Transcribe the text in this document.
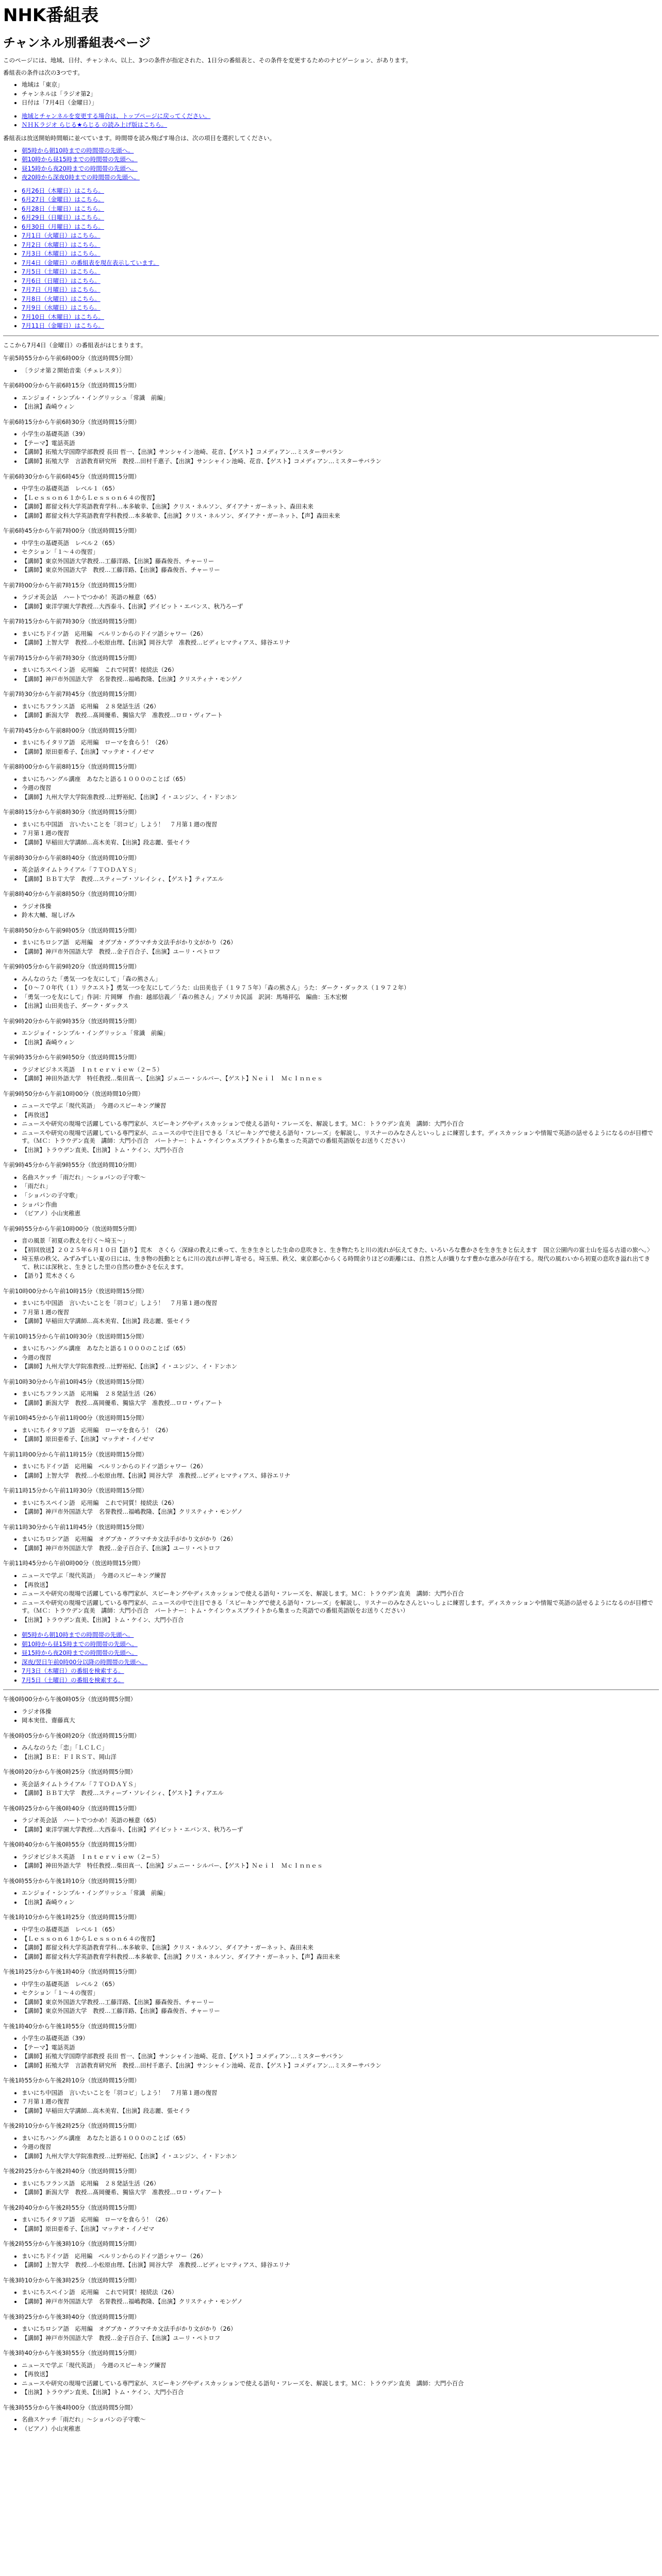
NHK番組表
チャンネル別番組表ページ

このページには、地域、日付、チャンネル、以上、3つの条件が指定された、1日分の番組表と、その条件を変更するためのナビゲーション、があります。

番組表の条件は次の3つです。

• 地域は「東京」
• チャンネルは「ラジオ第2」
• 日付は「7月4日（金曜日）」
• 地域とチャンネルを変更する場合は、トップページに戻ってください。
• ＮＨＫラジオ らじる★らじる の読み上げ版はこちら。

番組表は放送開始時間順に並べています。時間帯を読み飛ばす場合は、次の項目を選択してください。

• 朝5時から朝10時までの時間帯の先頭へ。
• 朝10時から昼15時までの時間帯の先頭へ。
• 昼15時から夜20時までの時間帯の先頭へ。
• 夜20時から深夜0時までの時間帯の先頭へ。
• 6月26日（木曜日）はこちら。
• 6月27日（金曜日）はこちら。
• 6月28日（土曜日）はこちら。
• 6月29日（日曜日）はこちら。
• 6月30日（月曜日）はこちら。
• 7月1日（火曜日）はこちら。
• 7月2日（水曜日）はこちら。
• 7月3日（木曜日）はこちら。
• 7月4日（金曜日）の番組表を現在表示しています。
• 7月5日（土曜日）はこちら。
• 7月6日（日曜日）はこちら。
• 7月7日（月曜日）はこちら。
• 7月8日（火曜日）はこちら。
• 7月9日（水曜日）はこちら。
• 7月10日（木曜日）はこちら。
• 7月11日（金曜日）はこちら。

ここから7月4日（金曜日）の番組表がはじまります。

午前5時55分から午前6時00分（放送時間5分間）

• 〔ラジオ第２開始音楽（チェレスタ）〕

午前6時00分から午前6時15分（放送時間15分間）

• エンジョイ・シンプル・イングリッシュ「常識　前編」
• 【出演】森崎ウィン

午前6時15分から午前6時30分（放送時間15分間）

• 小学生の基礎英語（39）
• 【テーマ】電話英語
• 【講師】拓殖大学国際学部教授 長田 哲一、【出演】サンシャイン池崎、花音、【ゲスト】コメディアン…ミスターサバラン
• 【講師】拓殖大学　言語教育研究所　教授…田村千惠子、【出演】サンシャイン池崎、花音、【ゲスト】コメディアン…ミスターサバラン

午前6時30分から午前6時45分（放送時間15分間）

• 中学生の基礎英語　レベル１（65）
• 【Ｌｅｓｓｏｎ６１からＬｅｓｓｏｎ６４の復習】
• 【講師】都留文科大学英語教育学科…本多敏幸、【出演】クリス・ネルソン、ダイアナ・ガーネット、森田未来
• 【講師】都留文科大学英語教育学科教授…本多敏幸、【出演】クリス・ネルソン、ダイアナ・ガーネット、【声】森田未来

午前6時45分から午前7時00分（放送時間15分間）

• 中学生の基礎英語　レベル２（65）
• セクション「１〜４の復習」
• 【講師】東京外国語大学教授…工藤洋路、【出演】藤森俊吾、チャーリー
• 【講師】東京外国語大学　教授…工藤洋路、【出演】藤森俊吾、チャーリー

午前7時00分から午前7時15分（放送時間15分間）

• ラジオ英会話　ハートでつかめ！英語の極意（65）
• 【講師】東洋学園大学教授…大西泰斗、【出演】デイビット・エバンス、秋乃ろーず

午前7時15分から午前7時30分（放送時間15分間）

• まいにちドイツ語　応用編　ベルリンからのドイツ語シャワー（26）
• 【講師】上智大学　教授…小松原由理、【出演】岡谷大学　准教授…ビディヒマティアス、緋谷エリナ

午前7時15分から午前7時30分（放送時間15分間）

• まいにちスペイン語　応用編　これで同質！接続法（26）
• 【講師】神戸市外国語大学　名誉教授…福嶋教隆、【出演】クリスティナ・モンゲノ

午前7時30分から午前7時45分（放送時間15分間）

• まいにちフランス語　応用編　２８発話生活（26）
• 【講師】新潟大学　教授…髙岡優希、獨協大学　准教授…ロロ・ヴィアート

午前7時45分から午前8時00分（放送時間15分間）

• まいにちイタリア語　応用編　ローマを食らう！（26）
• 【講師】原田亜希子、【出演】マッテオ・イノゼマ

午前8時00分から午前8時15分（放送時間15分間）

• まいにちハングル講座　あなたと語る１０００のことば（65）
• 今週の復習
• 【講師】九州大学大学院准教授…辻野裕紀、【出演】イ・ユンジン、イ・ドンホン

午前8時15分から午前8時30分（放送時間15分間）

• まいにち中国語　言いたいことを「羽コピ」しよう！　７月第１週の復習
• ７月第１週の復習
• 【講師】早稲田大学講師…高木美宥、【出演】段志麗、張セイラ

午前8時30分から午前8時40分（放送時間10分間）

• 英会話タイムトライアル「７ＴＯＤＡＹＳ」
• 【講師】ＢＢＴ大学　教授…スティーブ・ソレイシィ、【ゲスト】ティアエル

午前8時40分から午前8時50分（放送時間10分間）

• ラジオ体操
• 鈴木大輔、堀しげみ

午前8時50分から午前9時05分（放送時間15分間）

• まいにちロシア語　応用編　オグブカ・グラマチカ文法手がかり文がかり（26）
• 【講師】神戸市外国語大学　教授…金子百合子、【出演】ユーリ・ペトロフ

午前9時05分から午前9時20分（放送時間15分間）

• みんなのうた「勇気一つを友にして」「森の熊さん」
• 【０〜７０年代（１）リクエスト】勇気一つを友にして／うた：山田美也子（１９７５年）「森の熊さん」うた：ダーク・ダックス（１９７２年）
• 「勇気一つを友にして」作詞：片岡輝　作曲：越部信義／「森の熊さん」アメリカ民謡　訳詞：馬場祥弘　編曲：玉木宏樹
• 【出演】山田美也子、ダーク・ダックス

午前9時20分から午前9時35分（放送時間15分間）

• エンジョイ・シンプル・イングリッシュ「常識　前編」
• 【出演】森崎ウィン

午前9時35分から午前9時50分（放送時間15分間）

• ラジオビジネス英語　Ｉｎｔｅｒｖｉｅｗ（２−５）
• 【講師】神田外語大学　特任教授…柴田真一、【出演】ジェニー・シルバー、【ゲスト】Ｎｅｉｌ　ＭｃＩｎｎｅｓ

午前9時50分から午前10時00分（放送時間10分間）

• ニュースで学ぶ「現代英語」　今週のスピーキング練習
• 【再放送】
• ニュースや研究の現場で活躍している専門家が、スピーキングやディスカッションで使える語句・フレーズを、解説します。ＭＣ：トラウデン直美　講師：大門小百合
• ニュースや研究の現場で活躍している専門家が、ニュースの中で注目できる「スピーキングで使える語句・フレーズ」を解説し、リスナーのみなさんといっしょに練習します。ディスカッションや情報で英語の話せるようになるのが目標です。（ＭＣ：トラウデン直美　講師：大門小百合　パートナー：トム・ケインウェスブライトから集まった英語での番組英語版をお送りください）
• 【出演】トラウデン直美、【出演】トム・ケイン、大門小百合

午前9時45分から午前9時55分（放送時間10分間）

• 名曲スケッチ「雨だれ」〜ショパンの子守歌〜
• 「雨だれ」
• 「ショパンの子守歌」
• ショパン作曲
• （ピアノ）小山実稚恵

午前9時55分から午前10時00分（放送時間5分間）

• 音の風景「初夏の教えを行く〜埼玉〜」
• 【初回放送】２０２５年６月１０日【語り】荒木　さくら〈深緑の教えに乗って、生き生きとした生命の息吹きと、生き物たちと川の流れが伝えてきた、いろいろな豊かさを生き生きと伝えます　国立公園内の富士山を巡る古道の旅へ。〉
• 埼玉県の秩父、みずみずしい夏の日には、生き物の鼓動とともに川の流れが押し寄せる。埼玉県、秩父、東京都心からくる時間余りほどの距離には、自然と人が織りなす豊かな恵みが存在する。現代の風わいから初夏の息吹き溢れ出てきて、秋には深秋と、生きとした里の自然の豊かさを伝えます。
• 【語り】荒木さくら

午前10時00分から午前10時15分（放送時間15分間）

• まいにち中国語　言いたいことを「羽コピ」しよう！　７月第１週の復習
• ７月第１週の復習
• 【講師】早稲田大学講師…高木美宥、【出演】段志麗、張セイラ

午前10時15分から午前10時30分（放送時間15分間）

• まいにちハングル講座　あなたと語る１０００のことば（65）
• 今週の復習
• 【講師】九州大学大学院准教授…辻野裕紀、【出演】イ・ユンジン、イ・ドンホン

午前10時30分から午前10時45分（放送時間15分間）

• まいにちフランス語　応用編　２８発話生活（26）
• 【講師】新潟大学　教授…髙岡優希、獨協大学　准教授…ロロ・ヴィアート

午前10時45分から午前11時00分（放送時間15分間）

• まいにちイタリア語　応用編　ローマを食らう！（26）
• 【講師】原田亜希子、【出演】マッテオ・イノゼマ

午前11時00分から午前11時15分（放送時間15分間）

• まいにちドイツ語　応用編　ベルリンからのドイツ語シャワー（26）
• 【講師】上智大学　教授…小松原由理、【出演】岡谷大学　准教授…ビディヒマティアス、緋谷エリナ

午前11時15分から午前11時30分（放送時間15分間）

• まいにちスペイン語　応用編　これで同質！接続法（26）
• 【講師】神戸市外国語大学　名誉教授…福嶋教隆、【出演】クリスティナ・モンゲノ

午前11時30分から午前11時45分（放送時間15分間）

• まいにちロシア語　応用編　オグブカ・グラマチカ文法手がかり文がかり（26）
• 【講師】神戸市外国語大学　教授…金子百合子、【出演】ユーリ・ペトロフ

午前11時45分から午前0時00分（放送時間15分間）

• ニュースで学ぶ「現代英語」　今週のスピーキング練習
• 【再放送】
• ニュースや研究の現場で活躍している専門家が、スピーキングやディスカッションで使える語句・フレーズを、解説します。ＭＣ：トラウデン直美　講師：大門小百合
• ニュースや研究の現場で活躍している専門家が、ニュースの中で注目できる「スピーキングで使える語句・フレーズ」を解説し、リスナーのみなさんといっしょに練習します。ディスカッションや情報で英語の話せるようになるのが目標です。（ＭＣ：トラウデン直美　講師：大門小百合　パートナー：トム・ケインウェスブライトから集まった英語での番組英語版をお送りください）
• 【出演】トラウデン直美、【出演】トム・ケイン、大門小百合
• 朝5時から朝10時までの時間帯の先頭へ。
• 朝10時から昼15時までの時間帯の先頭へ。
• 昼15時から夜20時までの時間帯の先頭へ。
• 深夜/翌日午前0時00分以降の時間帯の先頭へ。
• 7月3日（木曜日）の番組を検索する。
• 7月5日（土曜日）の番組を検索する。

午後0時00分から午後0時05分（放送時間5分間）

• ラジオ体操
• 岡本実佳、齋藤真大

午後0時05分から午後0時20分（放送時間15分間）

• みんなのうた「恋」「ＬＣＬＣ」
• 【出演】ＢＥ：ＦＩＲＳＴ、岡山洋

午後0時20分から午後0時25分（放送時間5分間）

• 英会話タイムトライアル「７ＴＯＤＡＹＳ」
• 【講師】ＢＢＴ大学　教授…スティーブ・ソレイシィ、【ゲスト】ティアエル

午後0時25分から午後0時40分（放送時間15分間）

• ラジオ英会話　ハートでつかめ！英語の極意（65）
• 【講師】東洋学園大学教授…大西泰斗、【出演】デイビット・エバンス、秋乃ろーず

午後0時40分から午後0時55分（放送時間15分間）

• ラジオビジネス英語　Ｉｎｔｅｒｖｉｅｗ（２−５）
• 【講師】神田外語大学　特任教授…柴田真一、【出演】ジェニー・シルバー、【ゲスト】Ｎｅｉｌ　ＭｃＩｎｎｅｓ

午後0時55分から午後1時10分（放送時間15分間）

• エンジョイ・シンプル・イングリッシュ「常識　前編」
• 【出演】森崎ウィン

午後1時10分から午後1時25分（放送時間15分間）

• 中学生の基礎英語　レベル１（65）
• 【Ｌｅｓｓｏｎ６１からＬｅｓｓｏｎ６４の復習】
• 【講師】都留文科大学英語教育学科…本多敏幸、【出演】クリス・ネルソン、ダイアナ・ガーネット、森田未来
• 【講師】都留文科大学英語教育学科教授…本多敏幸、【出演】クリス・ネルソン、ダイアナ・ガーネット、【声】森田未来

午後1時25分から午後1時40分（放送時間15分間）

• 中学生の基礎英語　レベル２（65）
• セクション「１〜４の復習」
• 【講師】東京外国語大学教授…工藤洋路、【出演】藤森俊吾、チャーリー
• 【講師】東京外国語大学　教授…工藤洋路、【出演】藤森俊吾、チャーリー

午後1時40分から午後1時55分（放送時間15分間）

• 小学生の基礎英語（39）
• 【テーマ】電話英語
• 【講師】拓殖大学国際学部教授 長田 哲一、【出演】サンシャイン池崎、花音、【ゲスト】コメディアン…ミスターサバラン
• 【講師】拓殖大学　言語教育研究所　教授…田村千惠子、【出演】サンシャイン池崎、花音、【ゲスト】コメディアン…ミスターサバラン

午後1時55分から午後2時10分（放送時間15分間）

• まいにち中国語　言いたいことを「羽コピ」しよう！　７月第１週の復習
• ７月第１週の復習
• 【講師】早稲田大学講師…高木美宥、【出演】段志麗、張セイラ

午後2時10分から午後2時25分（放送時間15分間）

• まいにちハングル講座　あなたと語る１０００のことば（65）
• 今週の復習
• 【講師】九州大学大学院准教授…辻野裕紀、【出演】イ・ユンジン、イ・ドンホン

午後2時25分から午後2時40分（放送時間15分間）

• まいにちフランス語　応用編　２８発話生活（26）
• 【講師】新潟大学　教授…髙岡優希、獨協大学　准教授…ロロ・ヴィアート

午後2時40分から午後2時55分（放送時間15分間）

• まいにちイタリア語　応用編　ローマを食らう！（26）
• 【講師】原田亜希子、【出演】マッテオ・イノゼマ

午後2時55分から午後3時10分（放送時間15分間）

• まいにちドイツ語　応用編　ベルリンからのドイツ語シャワー（26）
• 【講師】上智大学　教授…小松原由理、【出演】岡谷大学　准教授…ビディヒマティアス、緋谷エリナ

午後3時10分から午後3時25分（放送時間15分間）

• まいにちスペイン語　応用編　これで同質！接続法（26）
• 【講師】神戸市外国語大学　名誉教授…福嶋教隆、【出演】クリスティナ・モンゲノ

午後3時25分から午後3時40分（放送時間15分間）

• まいにちロシア語　応用編　オグブカ・グラマチカ文法手がかり文がかり（26）
• 【講師】神戸市外国語大学　教授…金子百合子、【出演】ユーリ・ペトロフ

午後3時40分から午後3時55分（放送時間15分間）

• ニュースで学ぶ「現代英語」　今週のスピーキング練習
• 【再放送】
• ニュースや研究の現場で活躍している専門家が、スピーキングやディスカッションで使える語句・フレーズを、解説します。ＭＣ：トラウデン直美　講師：大門小百合
• 【出演】トラウデン直美、【出演】トム・ケイン、大門小百合

午後3時55分から午後4時00分（放送時間5分間）

• 名曲スケッチ「雨だれ」〜ショパンの子守歌〜
• （ピアノ）小山実稚恵
